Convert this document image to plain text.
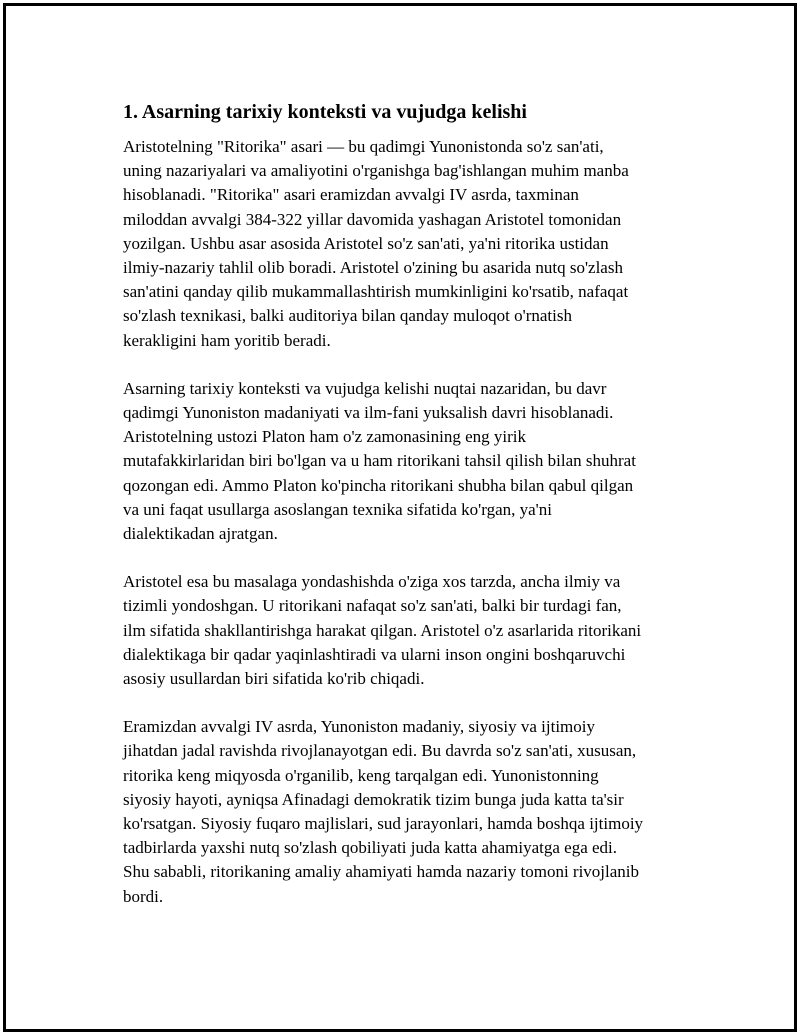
1. Asarning tarixiy konteksti va vujudga kelishi

Aristotelning "Ritorika" asari — bu qadimgi Yunonistonda so'z san'ati,
uning nazariyalari va amaliyotini o'rganishga bag'ishlangan muhim manba
hisoblanadi. "Ritorika" asari eramizdan avvalgi IV asrda, taxminan
miloddan avvalgi 384-322 yillar davomida yashagan Aristotel tomonidan
yozilgan. Ushbu asar asosida Aristotel so'z san'ati, ya'ni ritorika ustidan
ilmiy-nazariy tahlil olib boradi. Aristotel o'zining bu asarida nutq so'zlash
san'atini qanday qilib mukammallashtirish mumkinligini ko'rsatib, nafaqat
so'zlash texnikasi, balki auditoriya bilan qanday muloqot o'rnatish
kerakligini ham yoritib beradi.

Asarning tarixiy konteksti va vujudga kelishi nuqtai nazaridan, bu davr
qadimgi Yunoniston madaniyati va ilm-fani yuksalish davri hisoblanadi.
Aristotelning ustozi Platon ham o'z zamonasining eng yirik
mutafakkirlaridan biri bo'lgan va u ham ritorikani tahsil qilish bilan shuhrat
qozongan edi. Ammo Platon ko'pincha ritorikani shubha bilan qabul qilgan
va uni faqat usullarga asoslangan texnika sifatida ko'rgan, ya'ni
dialektikadan ajratgan.

Aristotel esa bu masalaga yondashishda o'ziga xos tarzda, ancha ilmiy va
tizimli yondoshgan. U ritorikani nafaqat so'z san'ati, balki bir turdagi fan,
ilm sifatida shakllantirishga harakat qilgan. Aristotel o'z asarlarida ritorikani
dialektikaga bir qadar yaqinlashtiradi va ularni inson ongini boshqaruvchi
asosiy usullardan biri sifatida ko'rib chiqadi.

Eramizdan avvalgi IV asrda, Yunoniston madaniy, siyosiy va ijtimoiy
jihatdan jadal ravishda rivojlanayotgan edi. Bu davrda so'z san'ati, xususan,
ritorika keng miqyosda o'rganilib, keng tarqalgan edi. Yunonistonning
siyosiy hayoti, ayniqsa Afinadagi demokratik tizim bunga juda katta ta'sir
ko'rsatgan. Siyosiy fuqaro majlislari, sud jarayonlari, hamda boshqa ijtimoiy
tadbirlarda yaxshi nutq so'zlash qobiliyati juda katta ahamiyatga ega edi.
Shu sababli, ritorikaning amaliy ahamiyati hamda nazariy tomoni rivojlanib
bordi.
